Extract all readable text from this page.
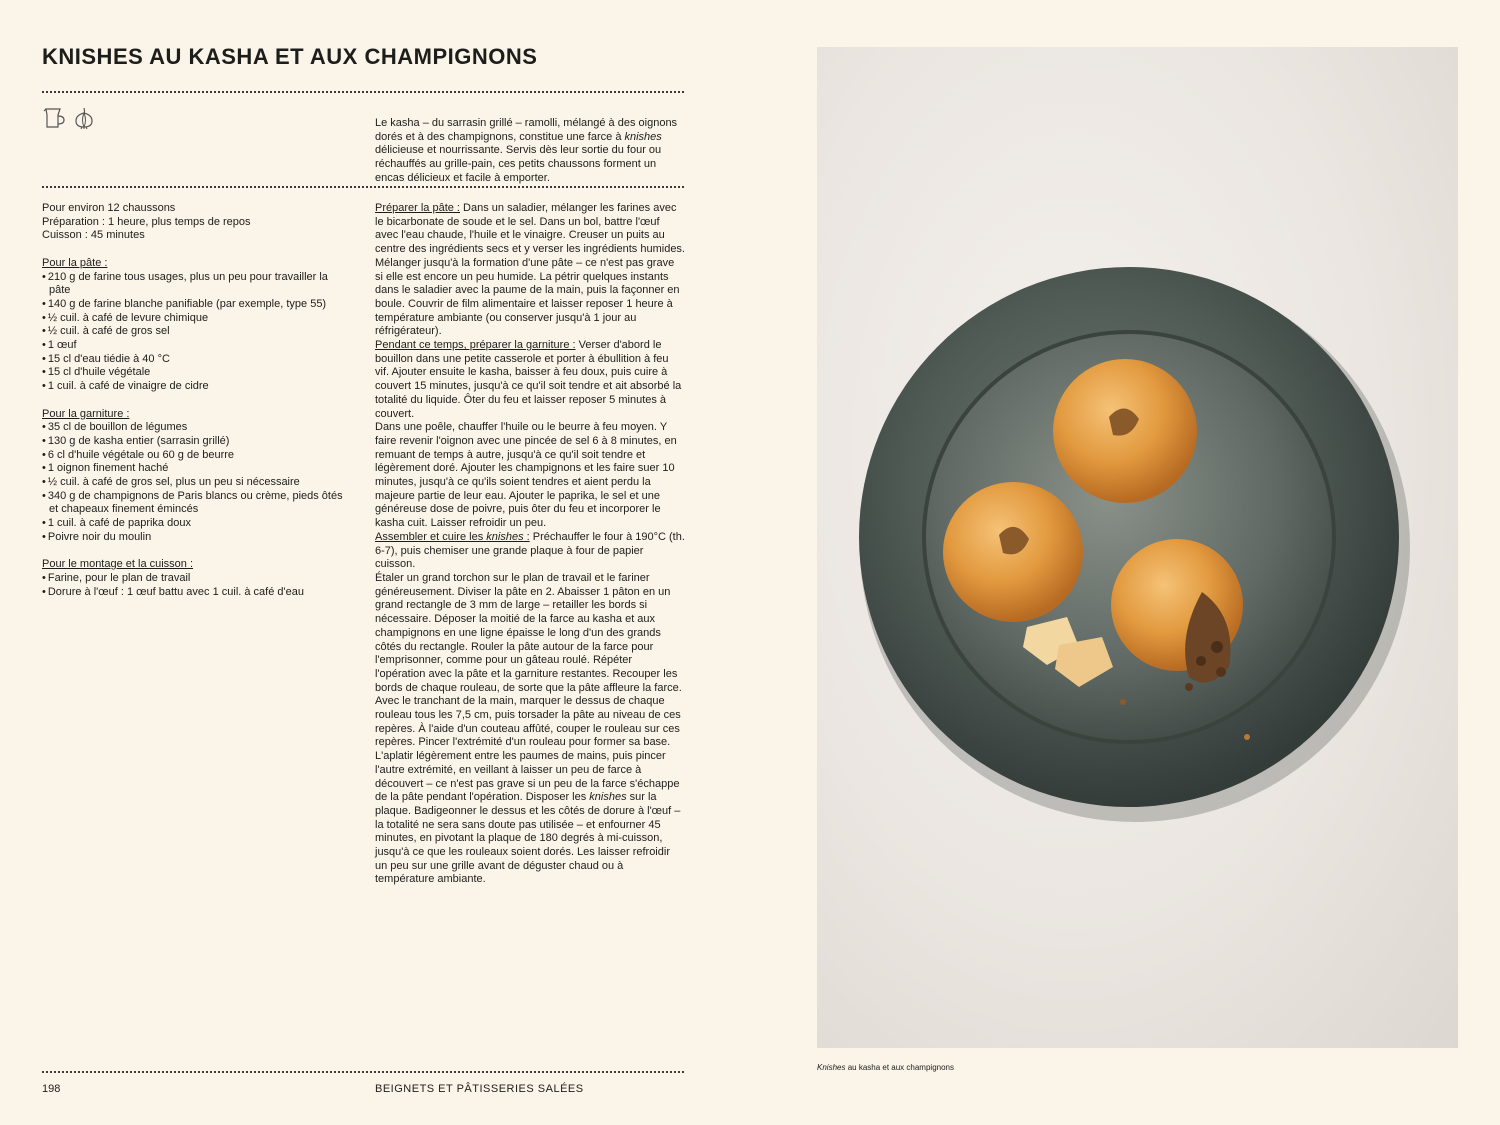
KNISHES AU KASHA ET AUX CHAMPIGNONS

Le kasha – du sarrasin grillé – ramolli, mélangé à des oignons dorés et à des champignons, constitue une farce à knishes délicieuse et nourrissante. Servis dès leur sortie du four ou réchauffés au grille-pain, ces petits chaussons forment un encas délicieux et facile à emporter.

Pour environ 12 chaussons

Préparation : 1 heure, plus temps de repos

Cuisson : 45 minutes

Pour la pâte :

• 210 g de farine tous usages, plus un peu pour travailler la pâte
• 140 g de farine blanche panifiable (par exemple, type 55)
• ½ cuil. à café de levure chimique
• ½ cuil. à café de gros sel
• 1 œuf
• 15 cl d'eau tiédie à 40 °C
• 15 cl d'huile végétale
• 1 cuil. à café de vinaigre de cidre

Pour la garniture :

• 35 cl de bouillon de légumes
• 130 g de kasha entier (sarrasin grillé)
• 6 cl d'huile végétale ou 60 g de beurre
• 1 oignon finement haché
• ½ cuil. à café de gros sel, plus un peu si nécessaire
• 340 g de champignons de Paris blancs ou crème, pieds ôtés et chapeaux finement émincés
• 1 cuil. à café de paprika doux
• Poivre noir du moulin

Pour le montage et la cuisson :

• Farine, pour le plan de travail
• Dorure à l'œuf : 1 œuf battu avec 1 cuil. à café d'eau

Préparer la pâte : Dans un saladier, mélanger les farines avec le bicarbonate de soude et le sel. Dans un bol, battre l'œuf avec l'eau chaude, l'huile et le vinaigre. Creuser un puits au centre des ingrédients secs et y verser les ingrédients humides. Mélanger jusqu'à la formation d'une pâte – ce n'est pas grave si elle est encore un peu humide. La pétrir quelques instants dans le saladier avec la paume de la main, puis la façonner en boule. Couvrir de film alimentaire et laisser reposer 1 heure à température ambiante (ou conserver jusqu'à 1 jour au réfrigérateur).

Pendant ce temps, préparer la garniture : Verser d'abord le bouillon dans une petite casserole et porter à ébullition à feu vif. Ajouter ensuite le kasha, baisser à feu doux, puis cuire à couvert 15 minutes, jusqu'à ce qu'il soit tendre et ait absorbé la totalité du liquide. Ôter du feu et laisser reposer 5 minutes à couvert.

Dans une poêle, chauffer l'huile ou le beurre à feu moyen. Y faire revenir l'oignon avec une pincée de sel 6 à 8 minutes, en remuant de temps à autre, jusqu'à ce qu'il soit tendre et légèrement doré. Ajouter les champignons et les faire suer 10 minutes, jusqu'à ce qu'ils soient tendres et aient perdu la majeure partie de leur eau. Ajouter le paprika, le sel et une généreuse dose de poivre, puis ôter du feu et incorporer le kasha cuit. Laisser refroidir un peu.

Assembler et cuire les knishes : Préchauffer le four à 190°C (th. 6-7), puis chemiser une grande plaque à four de papier cuisson.

Étaler un grand torchon sur le plan de travail et le fariner généreusement. Diviser la pâte en 2. Abaisser 1 pâton en un grand rectangle de 3 mm de large – retailler les bords si nécessaire. Déposer la moitié de la farce au kasha et aux champignons en une ligne épaisse le long d'un des grands côtés du rectangle. Rouler la pâte autour de la farce pour l'emprisonner, comme pour un gâteau roulé. Répéter l'opération avec la pâte et la garniture restantes. Recouper les bords de chaque rouleau, de sorte que la pâte affleure la farce.

Avec le tranchant de la main, marquer le dessus de chaque rouleau tous les 7,5 cm, puis torsader la pâte au niveau de ces repères. À l'aide d'un couteau affûté, couper le rouleau sur ces repères. Pincer l'extrémité d'un rouleau pour former sa base. L'aplatir légèrement entre les paumes de mains, puis pincer l'autre extrémité, en veillant à laisser un peu de farce à découvert – ce n'est pas grave si un peu de la farce s'échappe de la pâte pendant l'opération. Disposer les knishes sur la plaque. Badigeonner le dessus et les côtés de dorure à l'œuf – la totalité ne sera sans doute pas utilisée – et enfourner 45 minutes, en pivotant la plaque de 180 degrés à mi-cuisson, jusqu'à ce que les rouleaux soient dorés. Les laisser refroidir un peu sur une grille avant de déguster chaud ou à température ambiante.

Knishes au kasha et aux champignons
198	BEIGNETS ET PÂTISSERIES SALÉES
